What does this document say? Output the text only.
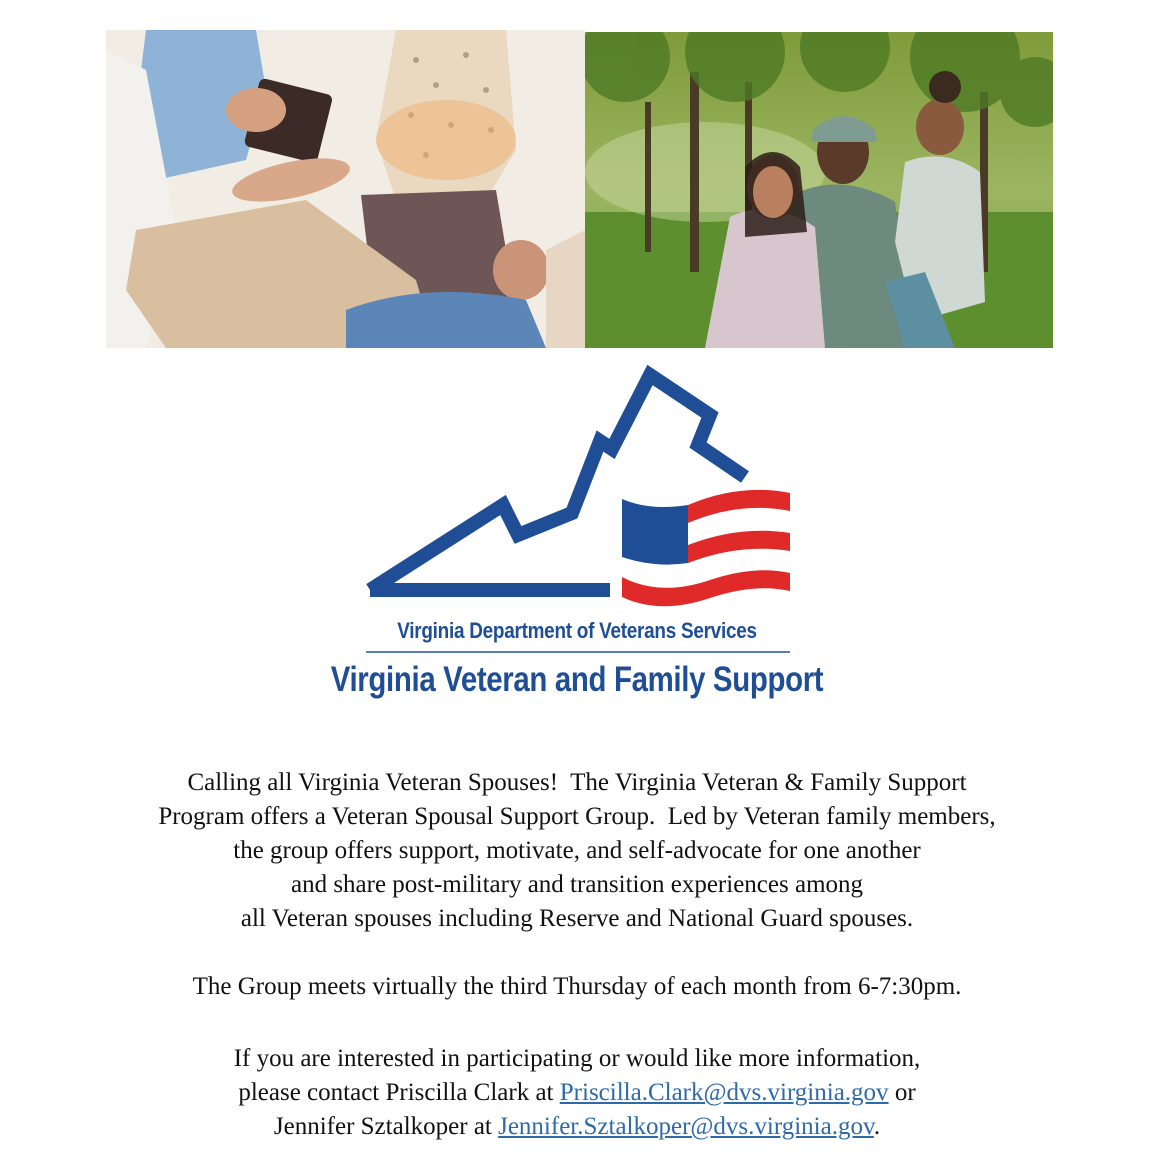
Virginia Department of Veterans Services
Virginia Veteran and Family Support
Calling all Virginia Veteran Spouses!  The Virginia Veteran & Family Support
Program offers a Veteran Spousal Support Group.  Led by Veteran family members,
the group offers support, motivate, and self-advocate for one another
and share post-military and transition experiences among
all Veteran spouses including Reserve and National Guard spouses.
The Group meets virtually the third Thursday of each month from 6-7:30pm.
If you are interested in participating or would like more information,
please contact Priscilla Clark at Priscilla.Clark@dvs.virginia.gov or
Jennifer Sztalkoper at Jennifer.Sztalkoper@dvs.virginia.gov.
